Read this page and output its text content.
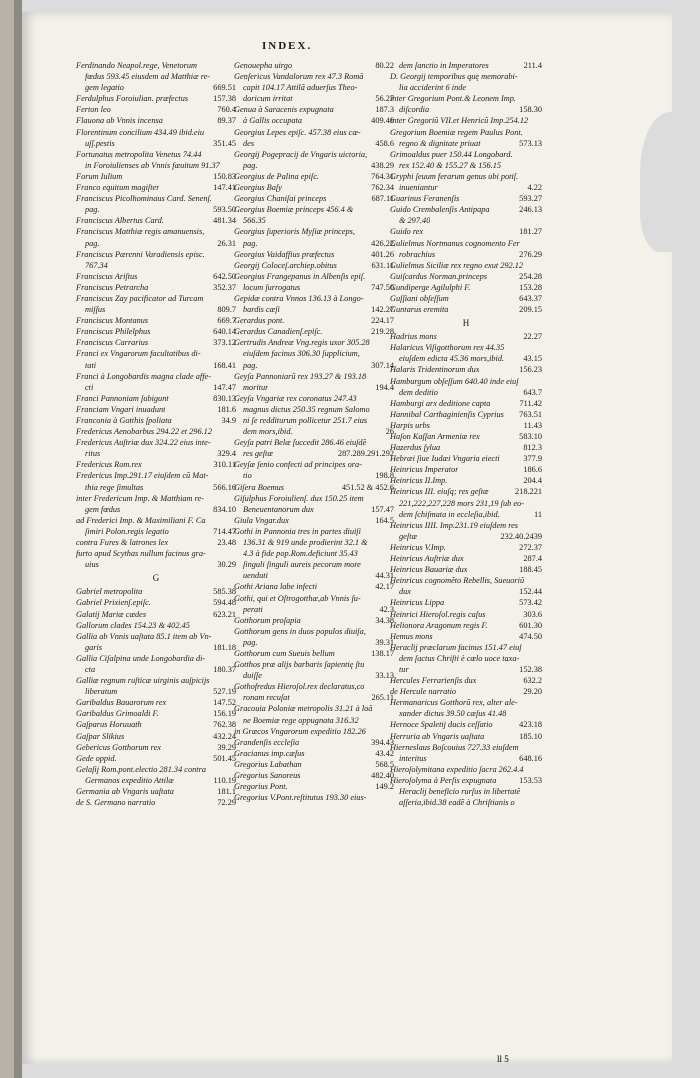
INDEX.
Ferdinando Neapol.rege, Venetorum
fœdus 593.45 eiusdem ad Matthiæ re-
gem legatio	669.51
Ferdulphus Foroiulian. præfectus	157.38
Ferton leo	760.4
Flauona ab Vnnis incensa	89.37
Florentinum concilium 434.49 ibid.eiu
uſſ.pestis	351.45
Fortunatus metropolita Venetus 74.44
in Foroiulienses ab Vnnis fæuitum 91.37
Forum Iulium	150.83
Franco equitum magiſter	147.41
Franciscus Picolhominaus Card. Senenſ.
pag.	593.50
Franciscus Albertus Card.	481.34
Franciscus Matthiæ regis amanuensis,
pag.	26.31
Franciscus Pærenni Varadiensis episc.
767.34
Franciscus Ariſtus	642.50
Franciscus Petrarcha	352.37
Franciscus Zay pacificator ad Turcam
miſſus	809.7
Franciscus Montanus	669.7
Franciscus Philelphus	640.14
Franciscus Carrarius	373.12
Franci ex Vngarorum facultatibus di-
tati	168.41
Franci à Longobardis magna clade affe-
cti	147.47
Franci Pannoniam ſubigunt	830.13
Franciam Vngari inuadunt	181.6
Franconia à Gotthis ſpoliata	34.9
Fredericus Aenobarbus 294.22 et 296.12
Fredericus Auſtriæ dux 324.22 eius inte-
ritus	329.4
Fredericus Rom.rex	310.11
Fredericus Imp.291.17 eiuſdem cũ Mat-
thia rege ſimultas	566.16
inter Fredericum Imp. & Matthiam re-
gem fœdus	834.10
ad Frederici Imp. & Maximiliani F. Ca
ſimiri Polon.regis legatio	714.47
contra Fures & latrones lex	23.48
furto apud Scythas nullum facinus gra-
uius	30.29
G
Gabriel metropolita	585.38
Gabriel Prixienſ.epiſc.	594.48
Galatij Mariæ cædes	623.21
Gallorum clades 154.23 & 402.45
Gallia ab Vnnis uaſtata 85.1 item ab Vn-
garis	181.18
Gallia Ciſalpina unde Longobardia di-
cta	180.37
Galliæ regnum ruſticæ uirginis auſpicijs
liberatum	527.19
Garibaldus Bauarorum rex	147.52
Garibaldus Grimoaldi F.	156.19
Gaſparus Horuuath	762.38
Gaſpar Slikius	432.24
Gebericus Gotthorum rex	39.29
Gede oppid.	501.45
Gelaſij Rom.pont.electio 281.34 contra
Germanos expeditio Attilæ	110.19
Germania ab Vngaris uaſtata	181.1
de S. Germano narratio	72.29
Genouepha uirgo	80.22
Genſericus Vandalorum rex 47.3 Romã
capit 104.17 Attilã aduerſus Theo-
doricum irritat	56.27
Genua à Saracenis expugnata	187.3
à Gallis occupata	409.46
Georgius Lepes epiſc. 457.38 eius cæ-
des	458.6
Georgij Pogepracij de Vngaris uictoria,
pag.	438.29
Georgius de Palina epiſc.	764.31
Georgius Baſy	762.34
Georgius Chaniſai princeps	687.11
Georgius Boemiæ princeps 456.4 &
566.35
Georgius ſuperioris Myſiæ princeps,
pag.	426.22
Georgius Vaidaffius præfectus	401.26
Georgij Coloceſ.archiep.obitus	631.11
Georgius Frangepanus in Albenſis epiſ.
locum ſurrogatus	747.50
Gepidæ contra Vnnos 136.13 à Longo-
bardis cæſi	142.27
Gerardus pont.	224.17
Gerardus Canadienſ.epiſc.	219.28
Gertrudis Andreæ Vng.regis uxor 305.28
eiuſdem facinus 306.30 ſupplicium,
pag.	307.14
Geyſa Pannoniarũ rex 193.27 & 193.18
moritur	194.4
Geyſa Vngariæ rex coronatus 247.43
magnus dictus 250.35 regnum Salomo
ni ſe redditurum pollicetur 251.7 eius
dem mors,ibid.	26
Geyſa patri Belæ ſuccedit 286.46 eiuſdẽ
res geſtæ	287.289.291.292
Geyſæ ſenio confecti ad principes ora-
tio	198.8
Giſera Boemus	451.52 & 452.6
Giſulphus Foroiulienſ. dux 150.25 item
Beneuentanorum dux	157.47
Giula Vngar.dux	164.5
Gothi in Pannonia tres in partes diuiſi
136.31 & 919 unde prodierint 32.1 &
4.3 à fide pop.Rom.deficiunt 35.43
ſinguli ſinguli aureis pecorum more
uenduti	44.31
Gothi Ariana labe infecti	42.17
Gothi, qui et Oſtrogotthæ,ab Vnnis ſu-
perati	42.3
Gotthorum proſapia	34.38
Gotthorum gens in duos populos diuiſa,
pag.	39.31
Gotthorum cum Sueuis bellum	138.17
Gotthos præ alijs barbaris ſapientię ſtu
duiſſe	33.13
Gothofredus Hieroſol.rex declaratus,co
ronam recuſat	265.11
Gracouia Poloniæ metropolis 31.21 à loã
ne Boemiæ rege oppugnata 316.32
in Græcos Vngarorum expeditio 182.26
Grandenſis eccleſia	394.43
Gracianus imp.cæſus	43.42
Gregorius Labathan	568.5
Gregorius Sanoreus	482.40
Gregorius Pont.	149.2
Gregorius V.Pont.reſtitutus 193.30 eius-
dem ſanctio in Imperatores	211.4
D. Georgij temporibus quę memorabi-
lia acciderint 6 inde
inter Gregorium Pont.& Leonem Imp.
diſcordia	158.30
inter Gregoriũ VII.et Henricũ Imp.254.12
Gregorium Boemiæ regem Paulus Pont.
regno & dignitate priuat	573.13
Grimoaldus puer 150.44 Longobard.
rex 152.40 & 155.27 & 156.15
Gryphi ſeuum ferarum genus ubi potiſ.
inueniantur	4.22
Guarinus Feranenſis	593.27
Guido Crembalenſis Antipapa	246.13
& 297.40
Guido rex	181.27
Gulielmus Nortmanus cognomento Fer
robrachius	276.29
Gulielmus Siciliæ rex regno exut 292.12
Guiſcardus Norman.princeps	254.28
Gundiperge Agilulphi F.	153.28
Guſſiani obſeſſum	643.37
Guntarus eremita	209.15
H
Hadrius mons	22.27
Halaricus Viſigotthorum rex 44.35
eiuſdem edicta 45.36 mors,ibid. 43.15
Halaris Tridentinorum dux	156.23
Hamburgum obſeſſum 640.40 inde eiuſ
dem deditio	643.7
Hamburgi arx deditione capta	711.42
Hannibal Carthaginienſis Cyprius 763.51
Harpis urbs	11.43
Haſon Kaſſan Armeniæ rex	583.10
Hazerdus ſylua	812.3
Hebræi ſiue Iudæi Vngaria eiecti	377.9
Heinricus Imperator	186.6
Heinricus II.Imp.	204.4
Heinricus III. eiuſq; res geſtæ	218.221
221,222,227,228 mors 231,19 ſub eo-
dem ſchiſmata in eccleſia,ibid.	11
Heinricus IIII. Imp.231.19 eiuſdem res
geſtæ	232.40.2439
Heinricus V.Imp.	272.37
Heinricus Auſtriæ dux	287.4
Heinricus Bauariæ dux	188.45
Heinricus cognomẽto Rebellis, Sueuoriũ
dux	152.44
Heinricus Lippa	573.42
Heinrici Hieroſol.regis caſus	303.6
Helionora Aragonum regis F.	601.30
Hemus mons	474.50
Heraclij præclarum facinus 151.47 eiuſ
dem ſactus Chriſti è cœlo uoce taxa-
tur	152.38
Hercules Ferrarienſis dux	632.2
de Hercule narratio	29.20
Hermanaricus Gotthorũ rex, alter ale-
xander dictus 39.50 cæſus 41.48
Hernoce Spaletij ducis ceſſatio	423.18
Herruria ab Vngaris uaſtata	185.10
Hierneslaus Boſcouius 727.33 eiuſdem
interitus	648.16
Hieroſolymitana expeditio ſacra 262.4.4
Hieroſolyma à Perſis expugnata	153.53
Heraclij beneficio rurſus in libertatẽ
aſſeria,ibid.38 eadẽ à Chriſtianis o
ll 5
